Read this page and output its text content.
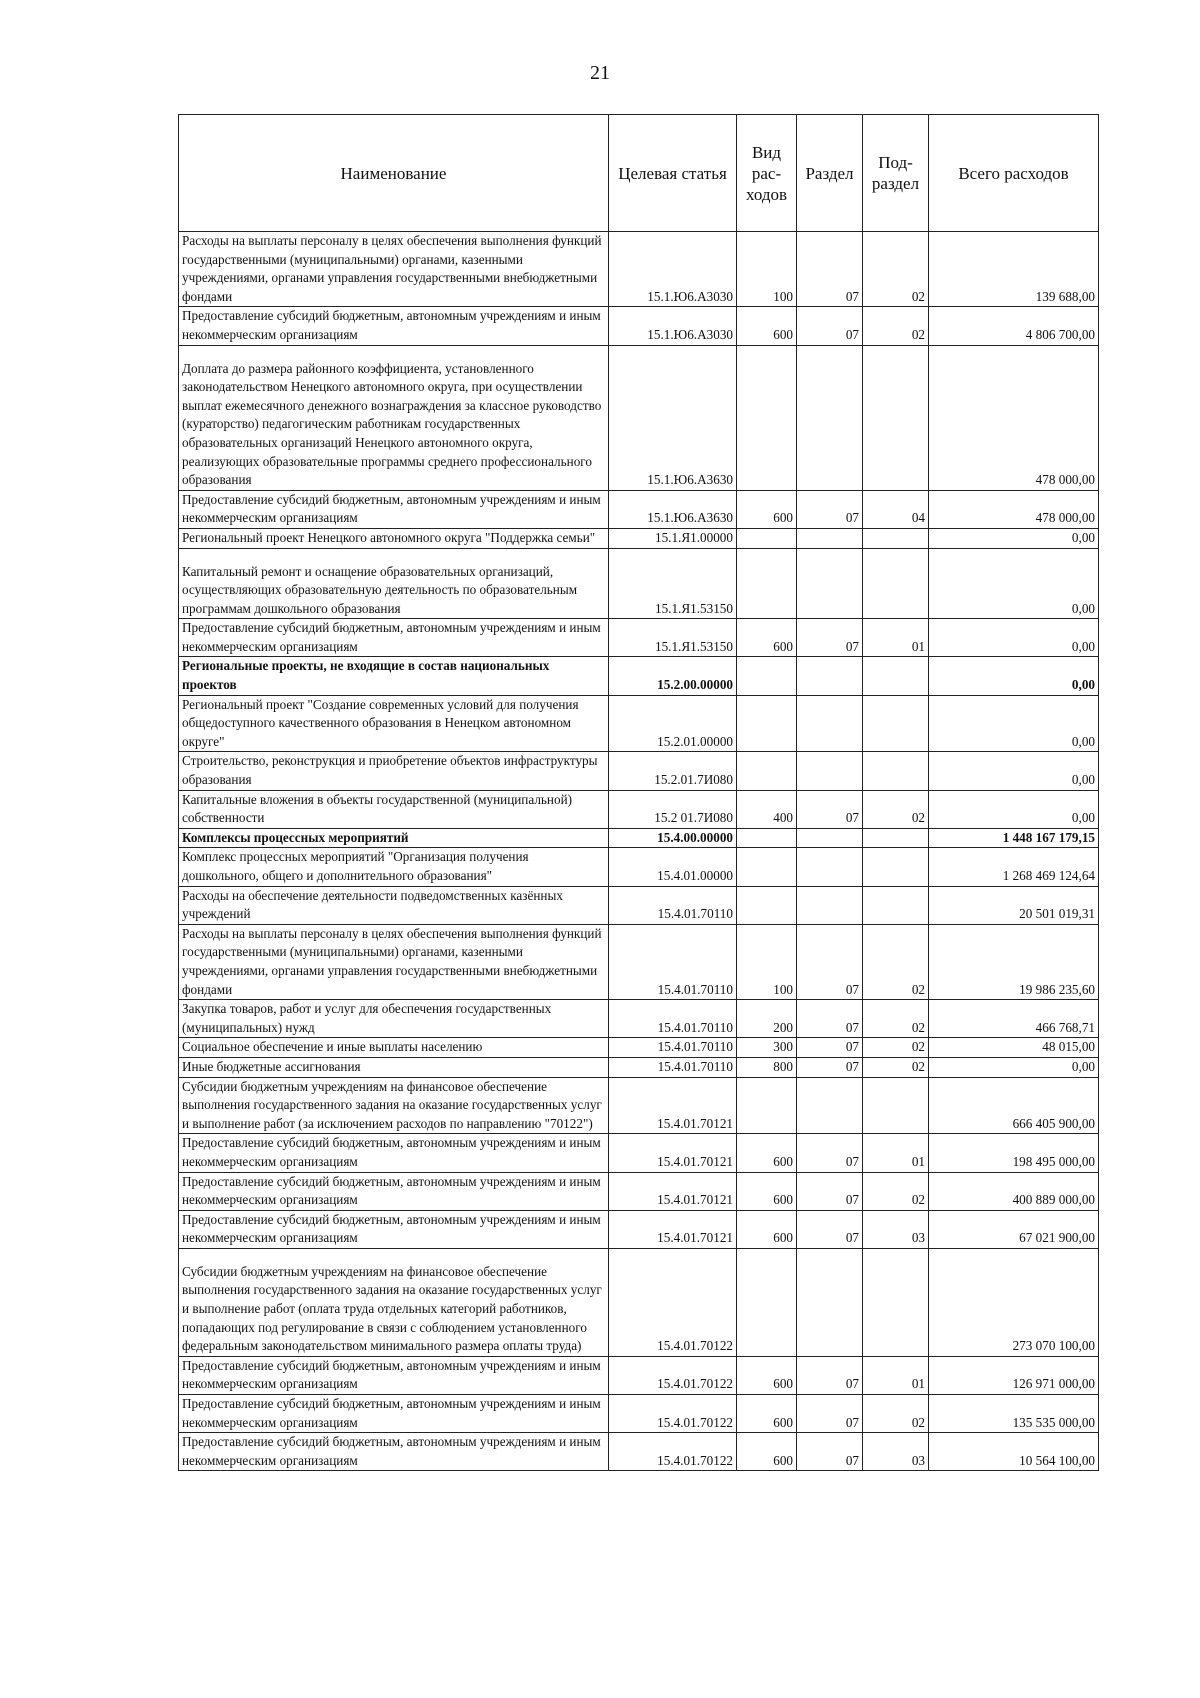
21
Наименование	Целевая статья	Вид рас-ходов	Раздел	Под-раздел	Всего расходов
Расходы на выплаты персоналу в целях обеспечения выполнения функций государственными (муниципальными) органами, казенными учреждениями, органами управления государственными внебюджетными фондами	15.1.Ю6.А3030	100	07	02	139 688,00
Предоставление субсидий бюджетным, автономным учреждениям и иным некоммерческим организациям	15.1.Ю6.А3030	600	07	02	4 806 700,00
Доплата до размера районного коэффициента, установленного законодательством Ненецкого автономного округа, при осуществлении выплат ежемесячного денежного вознаграждения за классное руководство (кураторство) педагогическим работникам государственных образовательных организаций Ненецкого автономного округа, реализующих образовательные программы среднего профессионального образования	15.1.Ю6.А3630				478 000,00
Предоставление субсидий бюджетным, автономным учреждениям и иным некоммерческим организациям	15.1.Ю6.А3630	600	07	04	478 000,00
Региональный проект Ненецкого автономного округа "Поддержка семьи"	15.1.Я1.00000				0,00
Капитальный ремонт и оснащение образовательных организаций, осуществляющих образовательную деятельность по образовательным программам дошкольного образования	15.1.Я1.53150				0,00
Предоставление субсидий бюджетным, автономным учреждениям и иным некоммерческим организациям	15.1.Я1.53150	600	07	01	0,00
Региональные проекты, не входящие в состав национальных проектов	15.2.00.00000				0,00
Региональный проект "Создание современных условий для получения общедоступного качественного образования в Ненецком автономном округе"	15.2.01.00000				0,00
Строительство, реконструкция и приобретение объектов инфраструктуры образования	15.2.01.7И080				0,00
Капитальные вложения в объекты государственной (муниципальной) собственности	15.2 01.7И080	400	07	02	0,00
Комплексы процессных мероприятий	15.4.00.00000				1 448 167 179,15
Комплекс процессных мероприятий "Организация получения дошкольного, общего и дополнительного образования"	15.4.01.00000				1 268 469 124,64
Расходы на обеспечение деятельности подведомственных казённых учреждений	15.4.01.70110				20 501 019,31
Расходы на выплаты персоналу в целях обеспечения выполнения функций государственными (муниципальными) органами, казенными учреждениями, органами управления государственными внебюджетными фондами	15.4.01.70110	100	07	02	19 986 235,60
Закупка товаров, работ и услуг для обеспечения государственных (муниципальных) нужд	15.4.01.70110	200	07	02	466 768,71
Социальное обеспечение и иные выплаты населению	15.4.01.70110	300	07	02	48 015,00
Иные бюджетные ассигнования	15.4.01.70110	800	07	02	0,00
Субсидии бюджетным учреждениям на финансовое обеспечение выполнения государственного задания на оказание государственных услуг и выполнение работ (за исключением расходов по направлению "70122")	15.4.01.70121				666 405 900,00
Предоставление субсидий бюджетным, автономным учреждениям и иным некоммерческим организациям	15.4.01.70121	600	07	01	198 495 000,00
Предоставление субсидий бюджетным, автономным учреждениям и иным некоммерческим организациям	15.4.01.70121	600	07	02	400 889 000,00
Предоставление субсидий бюджетным, автономным учреждениям и иным некоммерческим организациям	15.4.01.70121	600	07	03	67 021 900,00
Субсидии бюджетным учреждениям на финансовое обеспечение выполнения государственного задания на оказание государственных услуг и выполнение работ (оплата труда отдельных категорий работников, попадающих под регулирование в связи с соблюдением установленного федеральным законодательством минимального размера оплаты труда)	15.4.01.70122				273 070 100,00
Предоставление субсидий бюджетным, автономным учреждениям и иным некоммерческим организациям	15.4.01.70122	600	07	01	126 971 000,00
Предоставление субсидий бюджетным, автономным учреждениям и иным некоммерческим организациям	15.4.01.70122	600	07	02	135 535 000,00
Предоставление субсидий бюджетным, автономным учреждениям и иным некоммерческим организациям	15.4.01.70122	600	07	03	10 564 100,00
